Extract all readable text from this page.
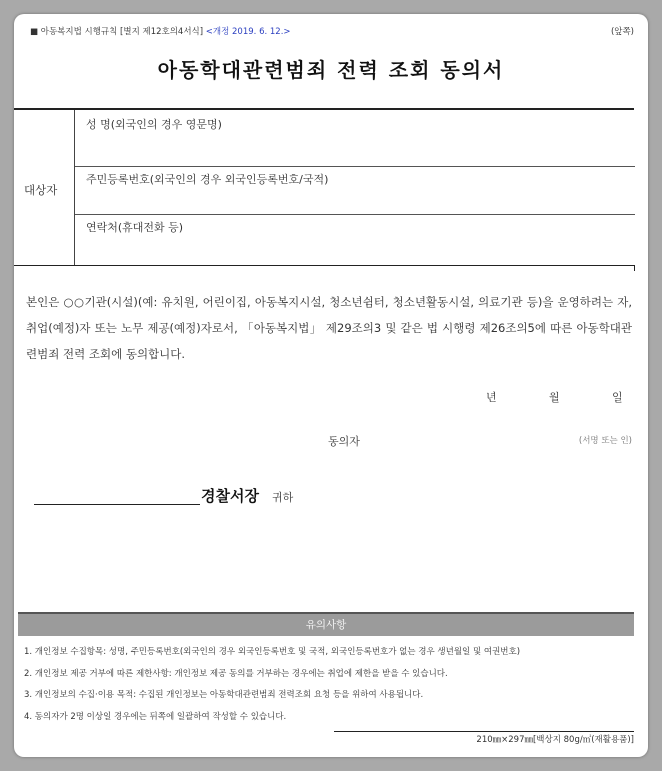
■ 아동복지법 시행규칙 [별지 제12호의4서식] <개정 2019. 6. 12.>	(앞쪽)
아동학대관련범죄 전력 조회 동의서
대상자
성 명(외국인의 경우 영문명)
주민등록번호(외국인의 경우 외국인등록번호/국적)
연락처(휴대전화 등)
본인은 ○○기관(시설)(예: 유치원, 어린이집, 아동복지시설, 청소년쉼터, 청소년활동시설, 의료기관 등)을 운영하려는 자, 취업(예정)자 또는 노무 제공(예정)자로서, 「아동복지법」 제29조의3 및 같은 법 시행령 제26조의5에 따른 아동학대관련범죄 전력 조회에 동의합니다.
년	월	일
동의자	(서명 또는 인)
경찰서장 귀하
유의사항
1. 개인정보 수집항목: 성명, 주민등록번호(외국인의 경우 외국인등록번호 및 국적, 외국인등록번호가 없는 경우 생년월일 및 여권번호)
2. 개인정보 제공 거부에 따른 제한사항: 개인정보 제공 동의를 거부하는 경우에는 취업에 제한을 받을 수 있습니다.
3. 개인정보의 수집·이용 목적: 수집된 개인정보는 아동학대관련범죄 전력조회 요청 등을 위하여 사용됩니다.
4. 동의자가 2명 이상일 경우에는 뒤쪽에 일괄하여 작성할 수 있습니다.
210㎜×297㎜[백상지 80g/㎡(재활용품)]
